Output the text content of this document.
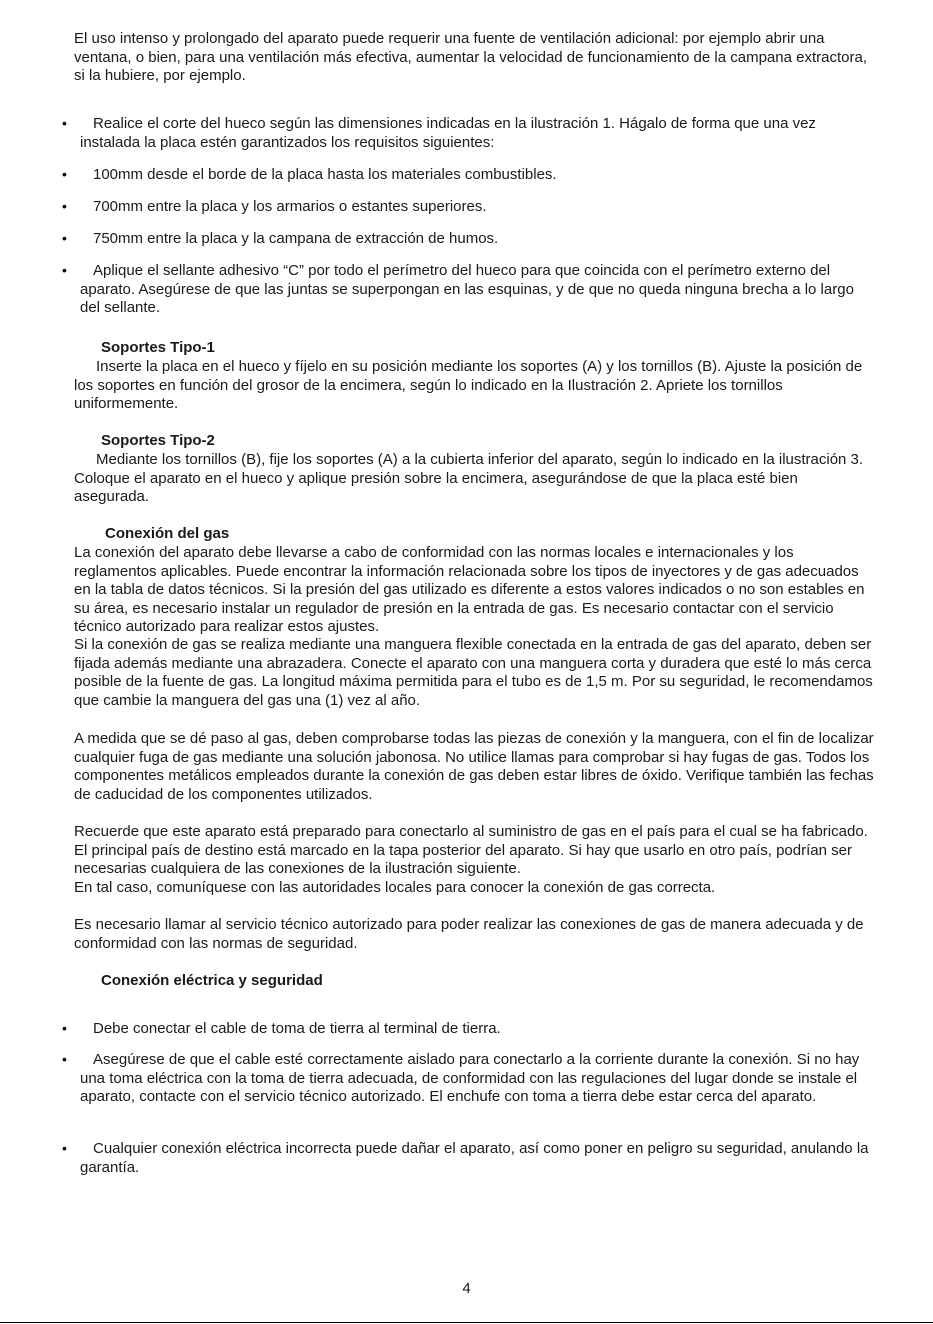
El uso intenso y prolongado del aparato puede requerir una fuente de ventilación adicional: por ejemplo abrir una ventana, o bien, para una ventilación más efectiva, aumentar la velocidad de funcionamiento de la campana extractora, si la hubiere, por ejemplo.

• Realice el corte del hueco según las dimensiones indicadas en la ilustración 1. Hágalo de forma que una vez instalada la placa estén garantizados los requisitos siguientes:

• 100mm desde el borde de la placa hasta los materiales combustibles.

• 700mm entre la placa y los armarios o estantes superiores.

• 750mm entre la placa y la campana de extracción de humos.

• Aplique el sellante adhesivo “C” por todo el perímetro del hueco para que coincida con el perímetro externo del aparato. Asegúrese de que las juntas se superpongan en las esquinas, y de que no queda ninguna brecha a lo largo del sellante.

Soportes Tipo-1

Inserte la placa en el hueco y fíjelo en su posición mediante los soportes (A) y los tornillos (B). Ajuste la posición de los soportes en función del grosor de la encimera, según lo indicado en la Ilustración 2. Apriete los tornillos uniformemente.

Soportes Tipo-2

Mediante los tornillos (B), fije los soportes (A) a la cubierta inferior del aparato, según lo indicado en la ilustración 3. Coloque el aparato en el hueco y aplique presión sobre la encimera, asegurándose de que la placa esté bien asegurada.

Conexión del gas

La conexión del aparato debe llevarse a cabo de conformidad con las normas locales e internacionales y los reglamentos aplicables. Puede encontrar la información relacionada sobre los tipos de inyectores y de gas adecuados en la tabla de datos técnicos. Si la presión del gas utilizado es diferente a estos valores indicados o no son estables en su área, es necesario instalar un regulador de presión en la entrada de gas. Es necesario contactar con el servicio técnico autorizado para realizar estos ajustes.

Si la conexión de gas se realiza mediante una manguera flexible conectada en la entrada de gas del aparato, deben ser fijada además mediante una abrazadera. Conecte el aparato con una manguera corta y duradera que esté lo más cerca posible de la fuente de gas. La longitud máxima permitida para el tubo es de 1,5 m. Por su seguridad, le recomendamos que cambie la manguera del gas una (1) vez al año.

A medida que se dé paso al gas, deben comprobarse todas las piezas de conexión y la manguera, con el fin de localizar cualquier fuga de gas mediante una solución jabonosa. No utilice llamas para comprobar si hay fugas de gas. Todos los componentes metálicos empleados durante la conexión de gas deben estar libres de óxido. Verifique también las fechas de caducidad de los componentes utilizados.

Recuerde que este aparato está preparado para conectarlo al suministro de gas en el país para el cual se ha fabricado. El principal país de destino está marcado en la tapa posterior del aparato. Si hay que usarlo en otro país, podrían ser necesarias cualquiera de las conexiones de la ilustración siguiente.

En tal caso, comuníquese con las autoridades locales para conocer la conexión de gas correcta.

Es necesario llamar al servicio técnico autorizado para poder realizar las conexiones de gas de manera adecuada y de conformidad con las normas de seguridad.

Conexión eléctrica y seguridad

• Debe conectar el cable de toma de tierra al terminal de tierra.

• Asegúrese de que el cable esté correctamente aislado para conectarlo a la corriente durante la conexión. Si no hay una toma eléctrica con la toma de tierra adecuada, de conformidad con las regulaciones del lugar donde se instale el aparato, contacte con el servicio técnico autorizado. El enchufe con toma a tierra debe estar cerca del aparato.

• Cualquier conexión eléctrica incorrecta puede dañar el aparato, así como poner en peligro su seguridad, anulando la garantía.

4
